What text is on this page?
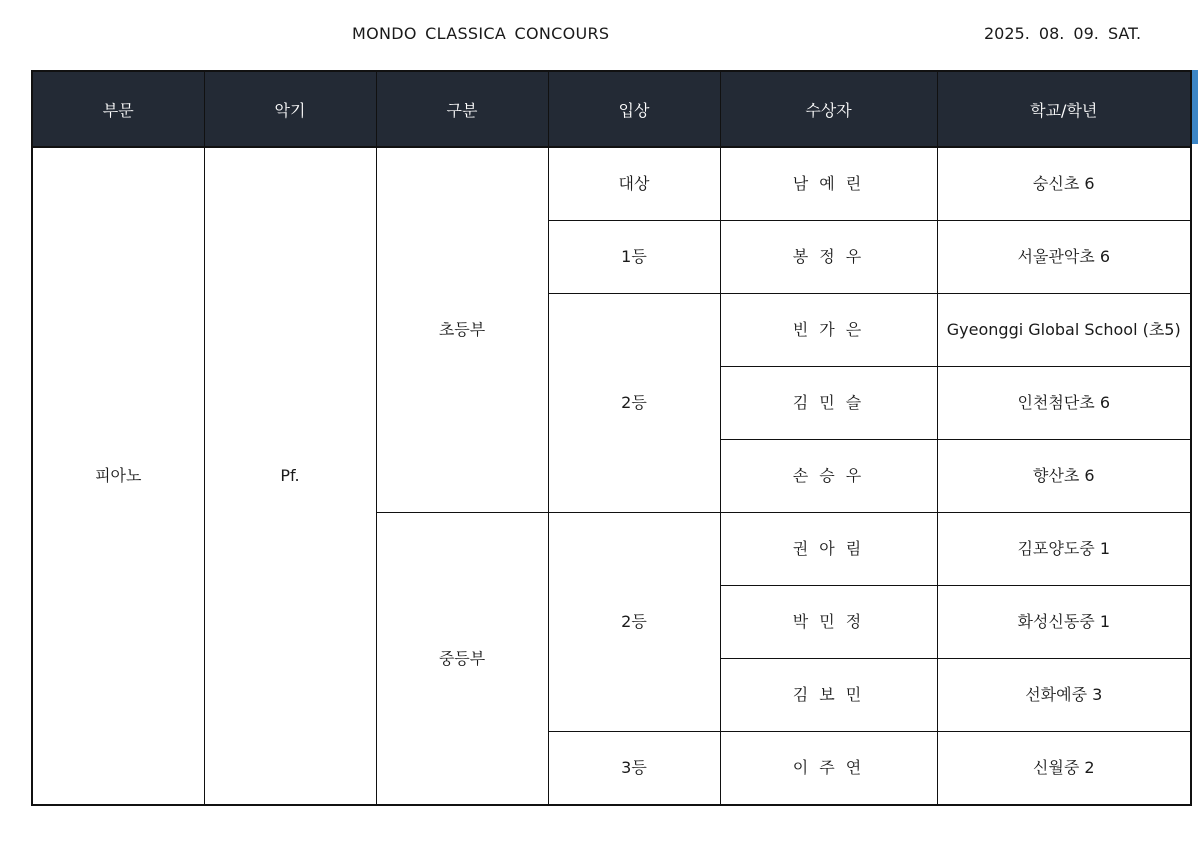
MONDO CLASSICA CONCOURS	2025. 08. 09. SAT.
부문	악기	구분	입상	수상자	학교/학년
피아노	Pf.	초등부	대상	남 예 린	숭신초 6
			1등	봉 정 우	서울관악초 6
			2등	빈 가 은	Gyeonggi Global School (초5)
				김 민 슬	인천첨단초 6
				손 승 우	향산초 6
		중등부	2등	권 아 림	김포양도중 1
				박 민 정	화성신동중 1
				김 보 민	선화예중 3
			3등	이 주 연	신월중 2
